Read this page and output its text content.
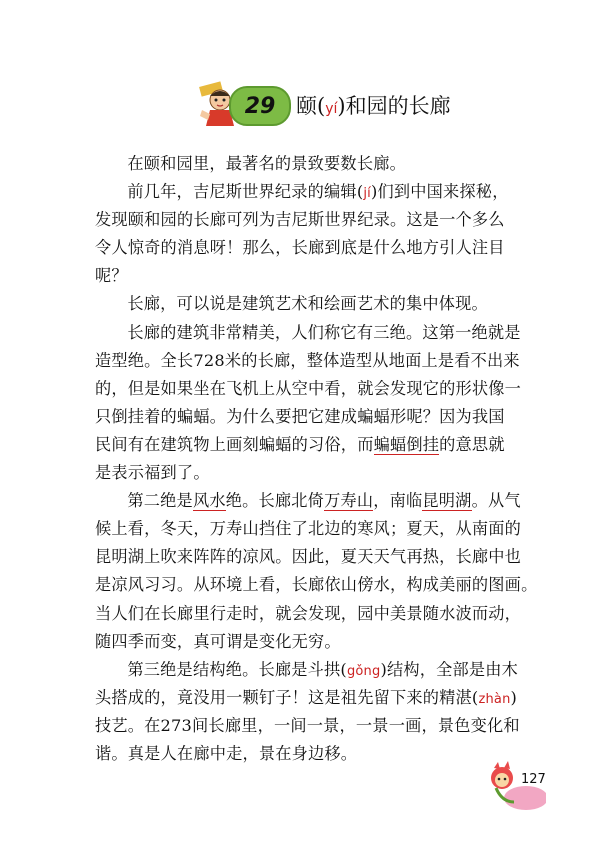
29 颐(yí)和园的长廊
在颐和园里，最著名的景致要数长廊。
前几年，吉尼斯世界纪录的编辑(jí)们到中国来探秘，
发现颐和园的长廊可列为吉尼斯世界纪录。这是一个多么
令人惊奇的消息呀！那么，长廊到底是什么地方引人注目
呢？
长廊，可以说是建筑艺术和绘画艺术的集中体现。
长廊的建筑非常精美，人们称它有三绝。这第一绝就是
造型绝。全长728米的长廊，整体造型从地面上是看不出来
的，但是如果坐在飞机上从空中看，就会发现它的形状像一
只倒挂着的蝙蝠。为什么要把它建成蝙蝠形呢？因为我国
民间有在建筑物上画刻蝙蝠的习俗，而蝙蝠倒挂的意思就
是表示福到了。
第二绝是风水绝。长廊北倚万寿山，南临昆明湖。从气
候上看，冬天，万寿山挡住了北边的寒风；夏天，从南面的
昆明湖上吹来阵阵的凉风。因此，夏天天气再热，长廊中也
是凉风习习。从环境上看，长廊依山傍水，构成美丽的图画。
当人们在长廊里行走时，就会发现，园中美景随水波而动，
随四季而变，真可谓是变化无穷。
第三绝是结构绝。长廊是斗拱(gǒng)结构，全部是由木
头搭成的，竟没用一颗钉子！这是祖先留下来的精湛(zhàn)
技艺。在273间长廊里，一间一景，一景一画，景色变化和
谐。真是人在廊中走，景在身边移。
127
